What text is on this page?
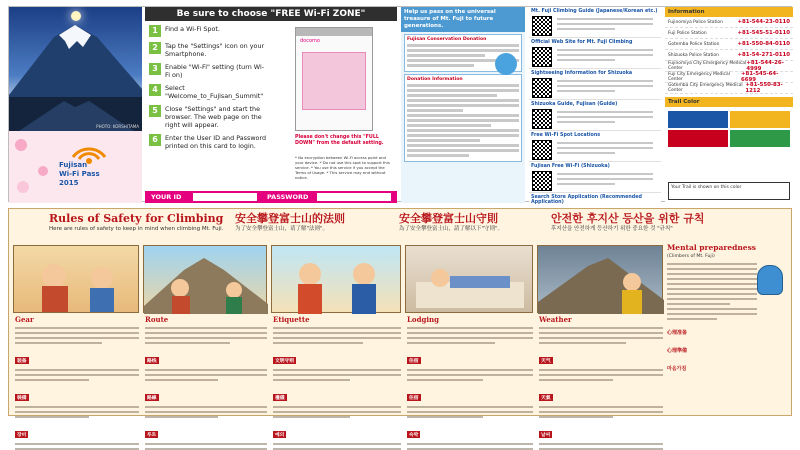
PHOTO: KORSHITAMA
Fujisan
Wi-Fi Pass
2015
Be sure to choose "FREE Wi-Fi ZONE"
1	Find a Wi-Fi Spot.
2	Tap the "Settings" icon on your Smartphone.
3	Enable "Wi-Fi" setting (turn Wi-Fi on)
4	Select "Welcome_to_Fujisan_Summit"
5	Close "Settings" and start the browser. The web page on the right will appear.
6	Enter the User ID and Password printed on this card to login.
docomo
Please don't change this "FULL DOWN" from the default setting.
* No encryption between Wi-Fi access point and your device. * Do not use this spot to support this service. * You use this service if you accept the Terms of Usage. * This service may end without notice.
YOUR ID	PASSWORD
Help us pass on the universal treasure of Mt. Fuji to future generations.
Fujisan Conservation Donation
Donation Information
Mt. Fuji Climbing Guide (Japanese/Korean etc.)
Official Web Site for Mt. Fuji Climbing
Sightseeing Information for Shizuoka
Shizuoka Guide, Fujisan (Guide)
Free Wi-Fi Spot Locations
Fujisan Free Wi-Fi (Shizuoka)
Search Store Application (Recommended Application)
Information
Fujinomiya Police Station	+81-544-23-0110
Fuji Police Station	+81-545-51-0110
Gotemba Police Station	+81-550-84-0110
Shizuoka Police Station	+81-54-271-0110
Fujinomiya City Emergency Medical Center
+81-544-26-4999
Fuji City Emergency Medical Center
+81-545-64-6699
Gotemba City Emergency Medical Center
+81-550-83-1212
Trail Color
Your Trail is shown on this color
Rules of Safety for Climbing
Here are rules of safety to keep in mind when climbing Mt. Fuji.
安全攀登富士山的法则
为了安全攀登富士山，请了解"法则"。
安全攀登富士山守則
為了安全攀登富士山，請了解以下"守則"。
안전한 후지산 등산을 위한 규칙
후지산을 안전하게 등산하기 위한 중요한 것 "규칙"
Mental preparedness
(Climbers of Mt. Fuji)
心理准备
心理準備
마음가짐
Gear
装备
裝備
장비
Route
路线
路線
루트
Etiquette
文明守则
禮儀
예의
Lodging
住宿
住宿
숙박
Weather
天气
天氣
날씨
